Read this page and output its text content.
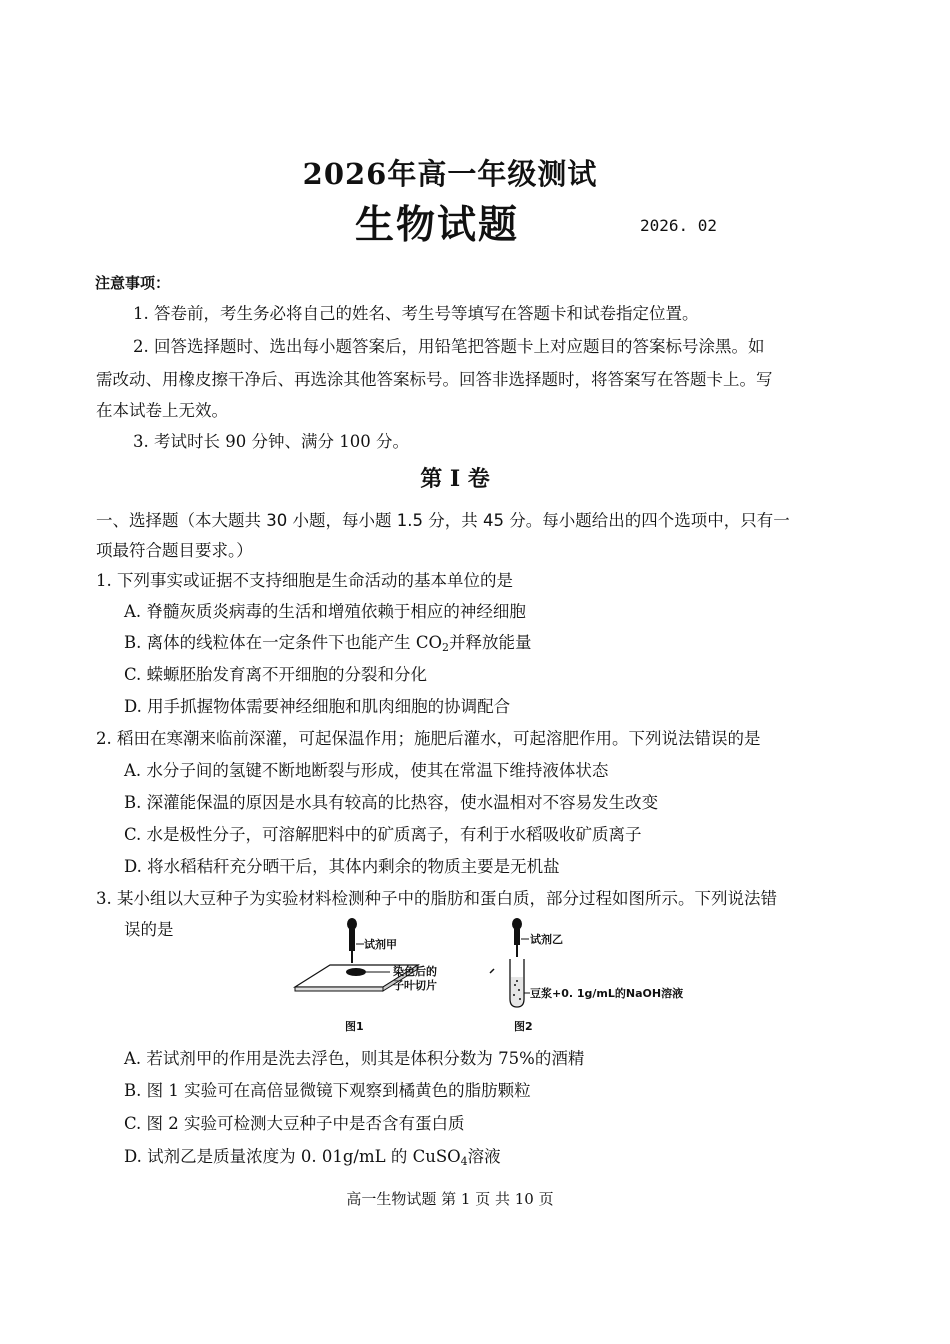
2026年高一年级测试
生物试题	2026. 02
注意事项：
1. 答卷前，考生务必将自己的姓名、考生号等填写在答题卡和试卷指定位置。
2. 回答选择题时、选出每小题答案后，用铅笔把答题卡上对应题目的答案标号涂黑。如
需改动、用橡皮擦干净后、再选涂其他答案标号。回答非选择题时，将答案写在答题卡上。写
在本试卷上无效。
3. 考试时长 90 分钟、满分 100 分。
第 Ⅰ 卷
一、选择题（本大题共 30 小题，每小题 1.5 分，共 45 分。每小题给出的四个选项中，只有一
项最符合题目要求。）
1. 下列事实或证据不支持细胞是生命活动的基本单位的是
A. 脊髓灰质炎病毒的生活和增殖依赖于相应的神经细胞
B. 离体的线粒体在一定条件下也能产生 $CO_2$并释放能量
C. 蝾螈胚胎发育离不开细胞的分裂和分化
D. 用手抓握物体需要神经细胞和肌肉细胞的协调配合
2. 稻田在寒潮来临前深灌，可起保温作用；施肥后灌水，可起溶肥作用。下列说法错误的是
A. 水分子间的氢键不断地断裂与形成，使其在常温下维持液体状态
B. 深灌能保温的原因是水具有较高的比热容，使水温相对不容易发生改变
C. 水是极性分子，可溶解肥料中的矿质离子，有利于水稻吸收矿质离子
D. 将水稻秸秆充分晒干后，其体内剩余的物质主要是无机盐
3. 某小组以大豆种子为实验材料检测种子中的脂肪和蛋白质，部分过程如图所示。下列说法错
误的是
试剂甲
染色后的
子叶切片
试剂乙
豆浆+0. 1g/mL的NaOH溶液
图1	图2
A. 若试剂甲的作用是洗去浮色，则其是体积分数为 75%的酒精
B. 图 1 实验可在高倍显微镜下观察到橘黄色的脂肪颗粒
C. 图 2 实验可检测大豆种子中是否含有蛋白质
D. 试剂乙是质量浓度为 0. 01g/mL 的 CuSO$_4$溶液
高一生物试题 第 1 页 共 10 页
